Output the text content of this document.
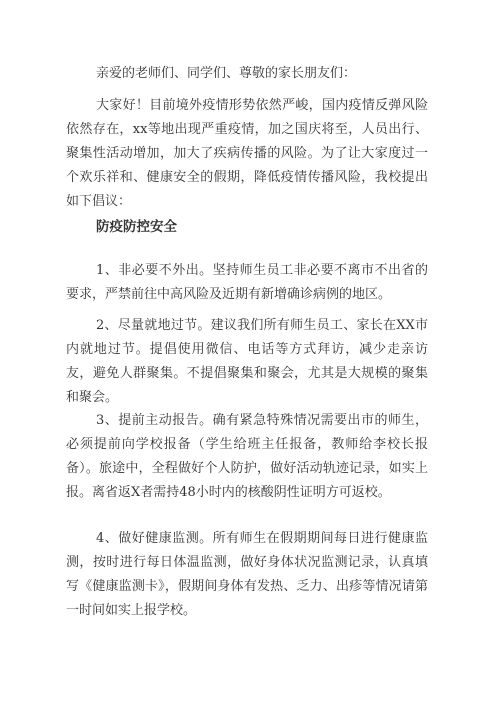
亲爱的老师们、同学们、尊敬的家长朋友们：

大家好！目前境外疫情形势依然严峻，国内疫情反弹风险依然存在，xx等地出现严重疫情，加之国庆将至，人员出行、聚集性活动增加，加大了疾病传播的风险。为了让大家度过一个欢乐祥和、健康安全的假期，降低疫情传播风险，我校提出如下倡议：

防疫防控安全

1、非必要不外出。坚持师生员工非必要不离市不出省的要求，严禁前往中高风险及近期有新增确诊病例的地区。

2、尽量就地过节。建议我们所有师生员工、家长在XX市内就地过节。提倡使用微信、电话等方式拜访，减少走亲访友，避免人群聚集。不提倡聚集和聚会，尤其是大规模的聚集和聚会。

3、提前主动报告。确有紧急特殊情况需要出市的师生，必须提前向学校报备（学生给班主任报备，教师给李校长报备）。旅途中，全程做好个人防护，做好活动轨迹记录，如实上报。离省返X者需持48小时内的核酸阴性证明方可返校。

4、做好健康监测。所有师生在假期期间每日进行健康监测，按时进行每日体温监测，做好身体状况监测记录，认真填写《健康监测卡》，假期间身体有发热、乏力、出疹等情况请第一时间如实上报学校。
